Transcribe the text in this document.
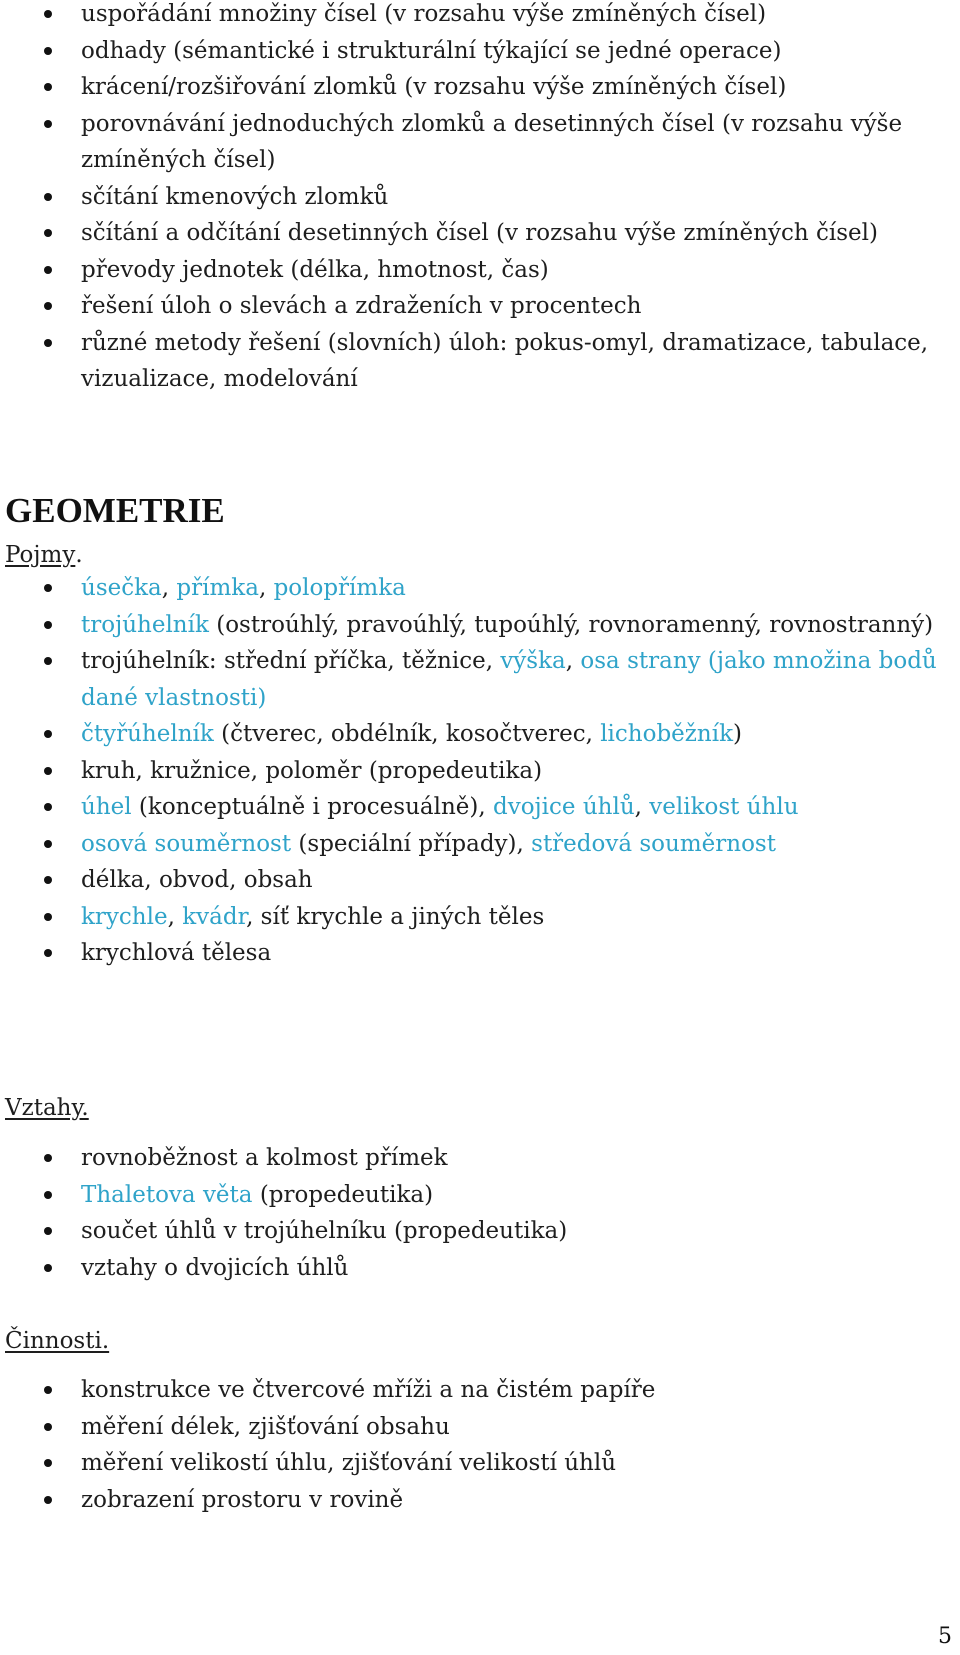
uspořádání množiny čísel (v rozsahu výše zmíněných čísel)
odhady (sémantické i strukturální týkající se jedné operace)
krácení/rozšiřování zlomků (v rozsahu výše zmíněných čísel)
porovnávání jednoduchých zlomků a desetinných čísel (v rozsahu výše zmíněných čísel)
sčítání kmenových zlomků
sčítání a odčítání desetinných čísel (v rozsahu výše zmíněných čísel)
převody jednotek (délka, hmotnost, čas)
řešení úloh o slevách a zdraženích v procentech
různé metody řešení (slovních) úloh: pokus-omyl, dramatizace, tabulace, vizualizace, modelování
GEOMETRIE

Pojmy.

úsečka, přímka, polopřímka
trojúhelník (ostroúhlý, pravoúhlý, tupoúhlý, rovnoramenný, rovnostranný)
trojúhelník: střední příčka, těžnice, výška, osa strany (jako množina bodů dané vlastnosti)
čtyřúhelník (čtverec, obdélník, kosočtverec, lichoběžník)
kruh, kružnice, poloměr (propedeutika)
úhel (konceptuálně i procesuálně), dvojice úhlů, velikost úhlu
osová souměrnost (speciální případy), středová souměrnost
délka, obvod, obsah
krychle, kvádr, síť krychle a jiných těles
krychlová tělesa

Vztahy.

rovnoběžnost a kolmost přímek
Thaletova věta (propedeutika)
součet úhlů v trojúhelníku (propedeutika)
vztahy o dvojicích úhlů

Činnosti.

konstrukce ve čtvercové mříži a na čistém papíře
měření délek, zjišťování obsahu
měření velikostí úhlu, zjišťování velikostí úhlů
zobrazení prostoru v rovině

5
